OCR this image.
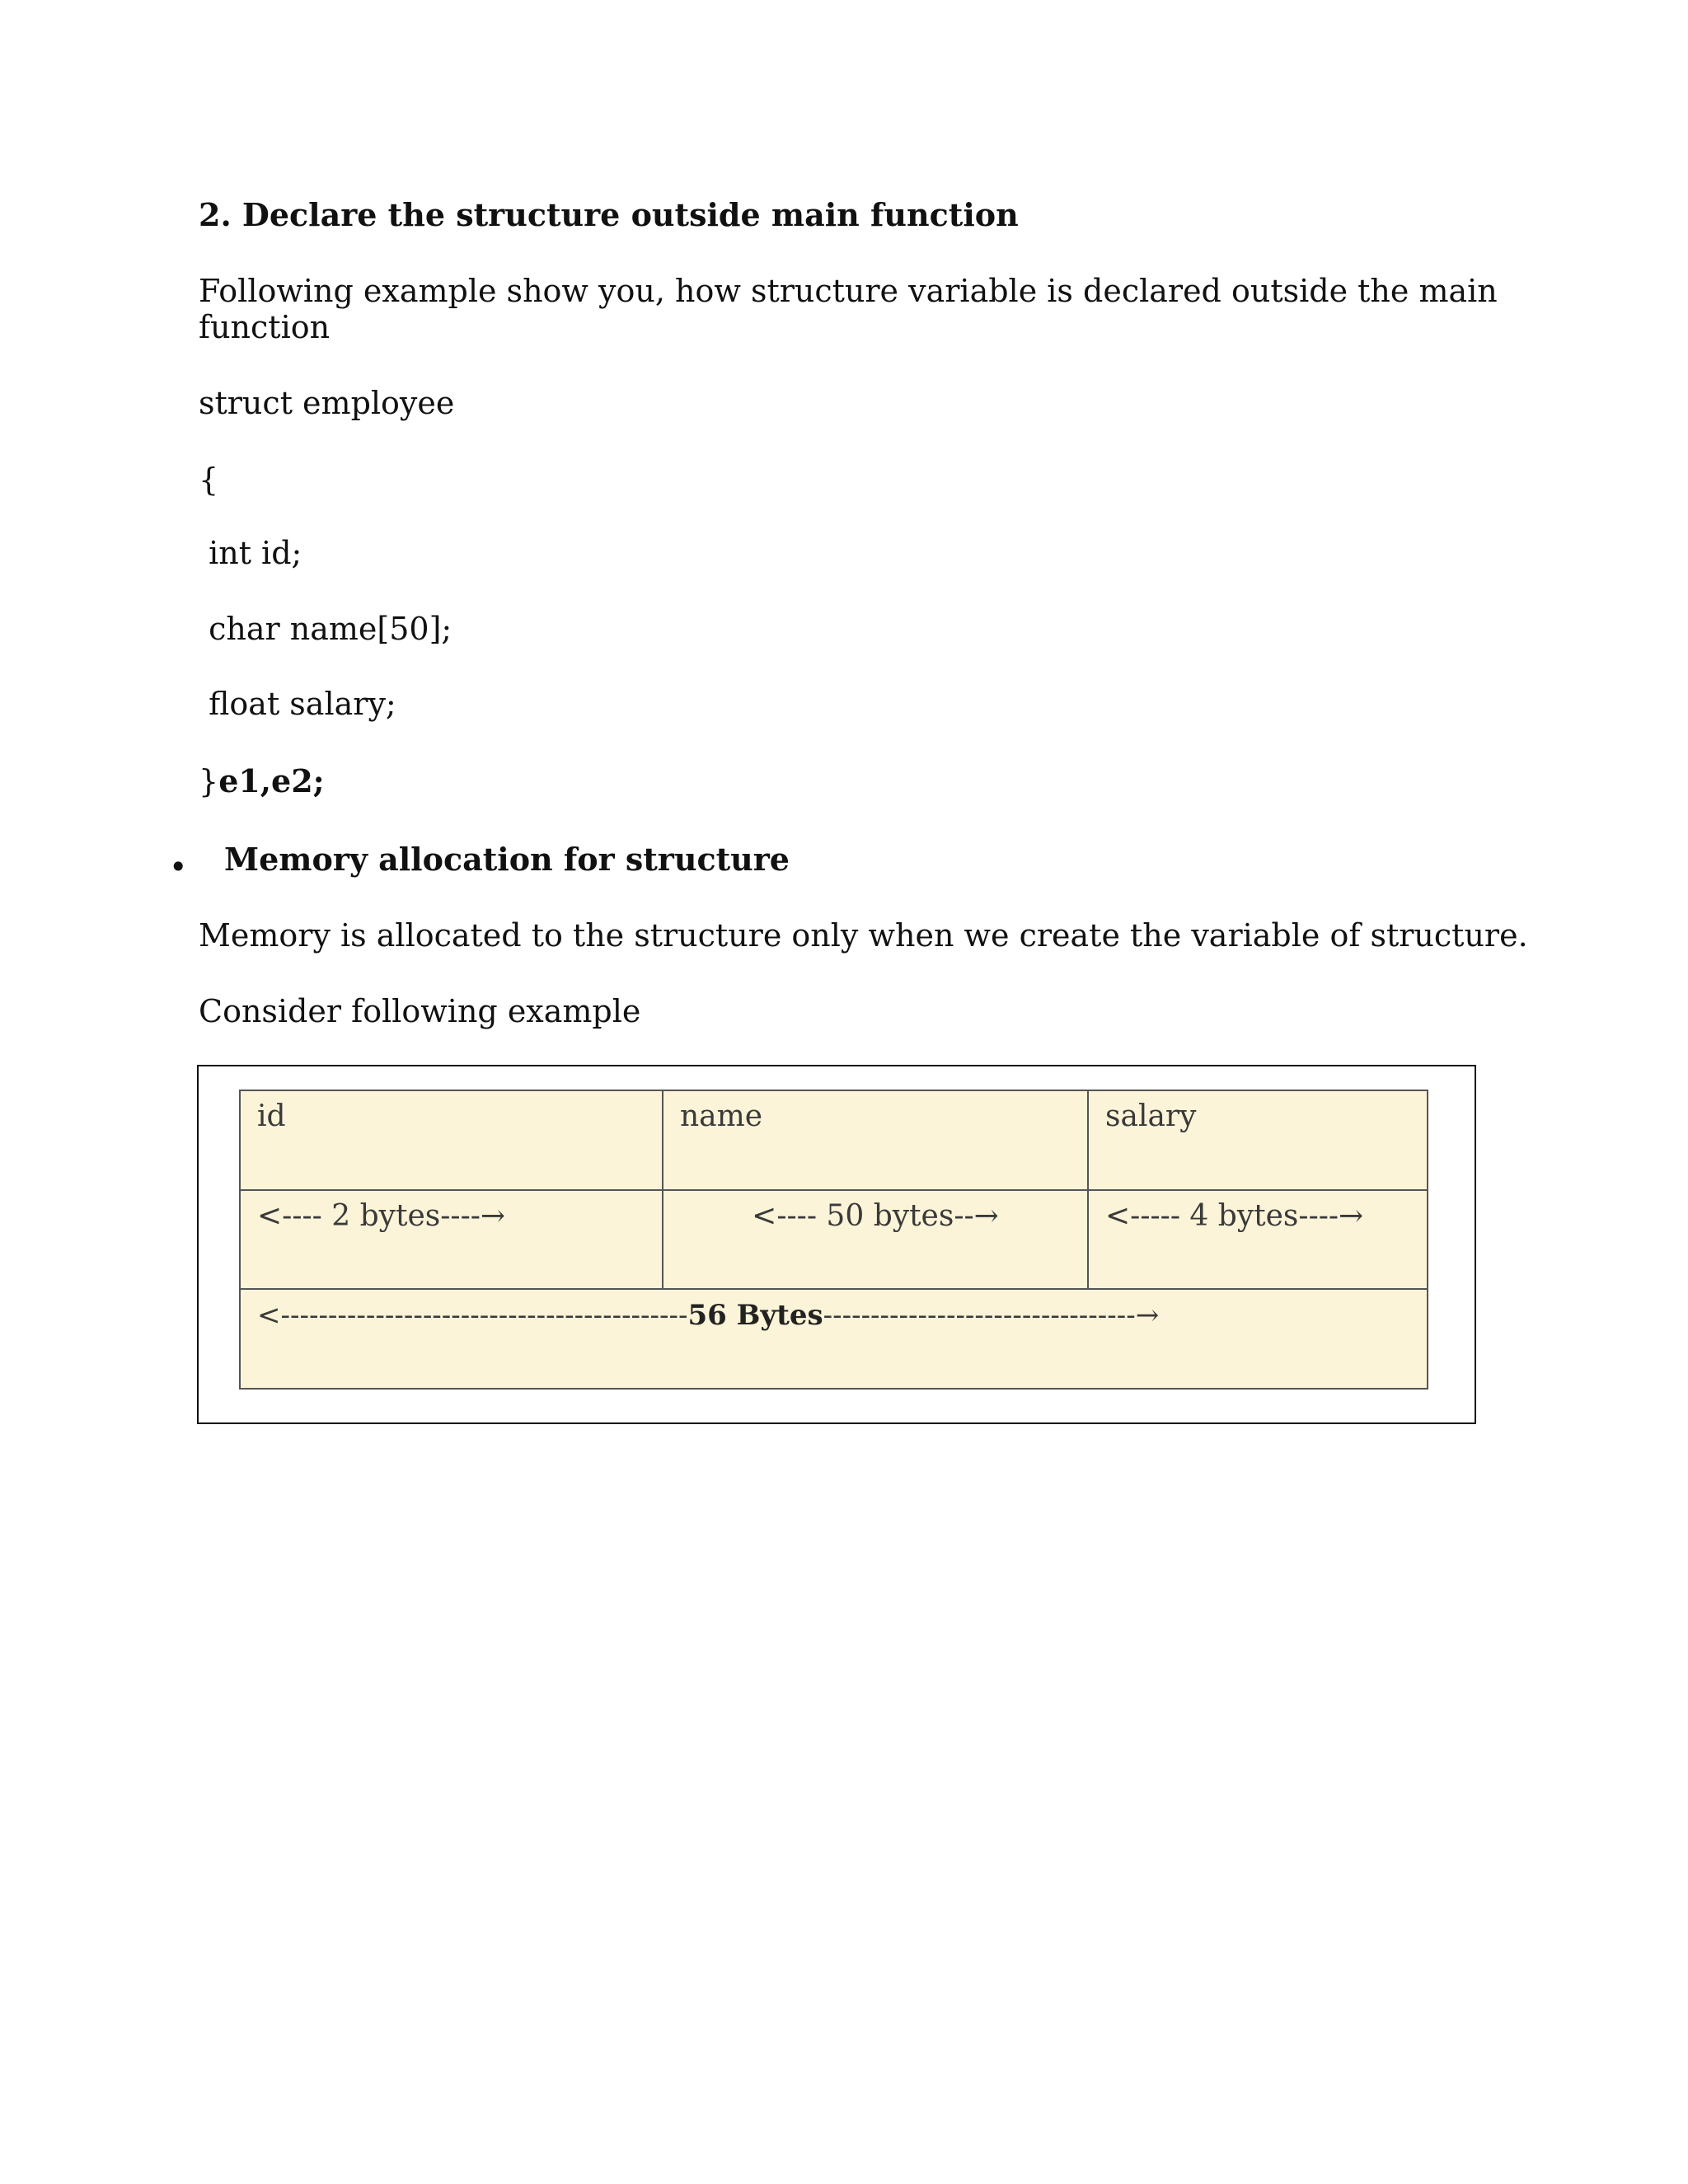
2. Declare the structure outside main function
Following example show you, how structure variable is declared outside the main
function
struct employee
{
int id;
char name[50];
float salary;
}e1,e2;
• Memory allocation for structure
Memory is allocated to the structure only when we create the variable of structure.
Consider following example
id	name	salary
<---- 2 bytes----→	<---- 50 bytes--→	<----- 4 bytes----→
<-------------------------------------------56 Bytes---------------------------------→		
